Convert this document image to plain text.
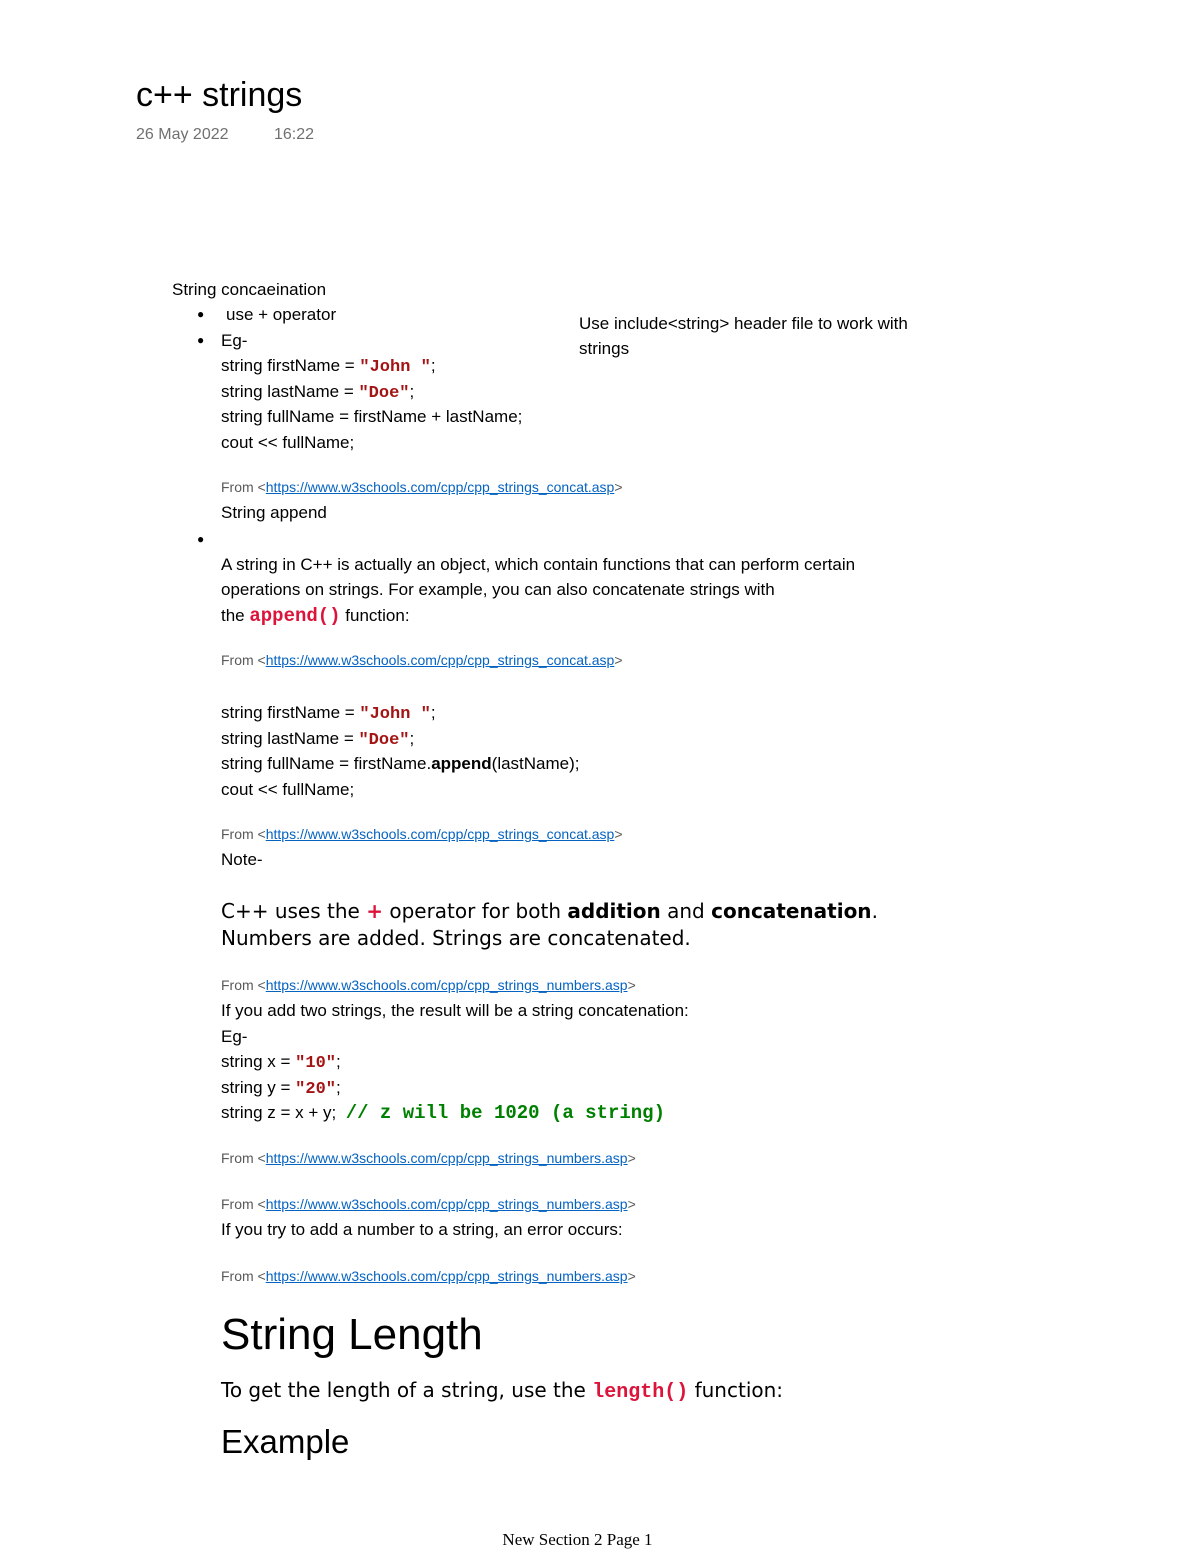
c++ strings
26 May 2022	16:22
Use include<string> header file to work with
strings
String concaeination
● use + operator
● Eg-
string firstName = "John ";
string lastName = "Doe";
string fullName = firstName + lastName;
cout << fullName;
From <https://www.w3schools.com/cpp/cpp_strings_concat.asp>
String append
●
A string in C++ is actually an object, which contain functions that can perform certain
operations on strings. For example, you can also concatenate strings with
the append() function:
From <https://www.w3schools.com/cpp/cpp_strings_concat.asp>
string firstName = "John ";
string lastName = "Doe";
string fullName = firstName.append(lastName);
cout << fullName;
From <https://www.w3schools.com/cpp/cpp_strings_concat.asp>
Note-
C++ uses the + operator for both addition and concatenation.
Numbers are added. Strings are concatenated.
From <https://www.w3schools.com/cpp/cpp_strings_numbers.asp>
If you add two strings, the result will be a string concatenation:
Eg-
string x = "10";
string y = "20";
string z = x + y;  // z will be 1020 (a string)
From <https://www.w3schools.com/cpp/cpp_strings_numbers.asp>
From <https://www.w3schools.com/cpp/cpp_strings_numbers.asp>
If you try to add a number to a string, an error occurs:
From <https://www.w3schools.com/cpp/cpp_strings_numbers.asp>
String Length
To get the length of a string, use the length() function:
Example
New Section 2 Page 1
